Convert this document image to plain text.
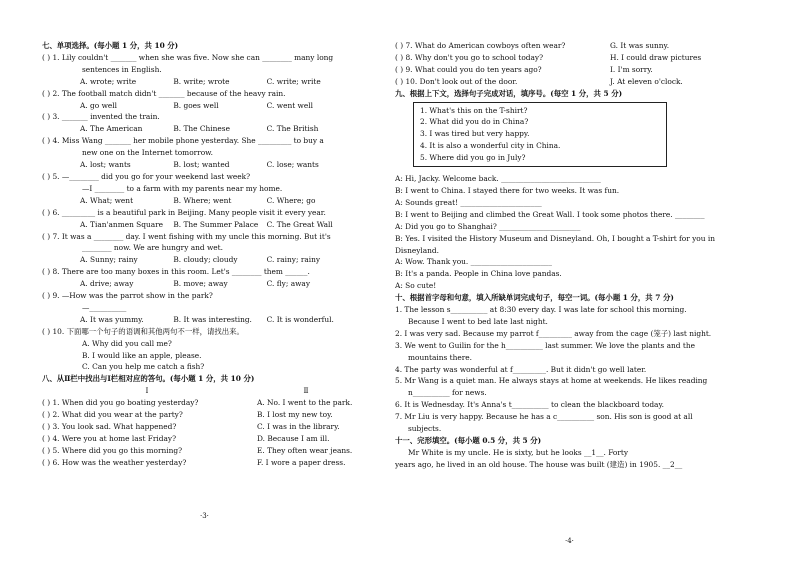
七、单项选择。(每小题 1 分，共 10 分)
( ) 1. Lily couldn't _______ when she was five. Now she can ________ many long
sentences in English.
A. wrote; write	B. write; wrote	C. write; write
( ) 2. The football match didn't _______ because of the heavy rain.
A. go well	B. goes well	C. went well
( ) 3. _______ invented the train.
A. The American	B. The Chinese	C. The British
( ) 4. Miss Wang _______ her mobile phone yesterday. She _________ to buy a
new one on the Internet tomorrow.
A. lost; wants	B. lost; wanted	C. lose; wants
( ) 5. —________ did you go for your weekend last week?
—I ________ to a farm with my parents near my home.
A. What; went	B. Where; went	C. Where; go
( ) 6. _________ is a beautiful park in Beijing. Many people visit it every year.
A. Tian'anmen Square	B. The Summer Palace	C. The Great Wall
( ) 7. It was a ________ day. I went fishing with my uncle this morning. But it's
________ now. We are hungry and wet.
A. Sunny; rainy	B. cloudy; cloudy	C. rainy; rainy
( ) 8. There are too many boxes in this room. Let's ________ them ______.
A. drive; away	B. move; away	C. fly; away
( ) 9. —How was the parrot show in the park?
—__________
A. It was yummy.	B. It was interesting.	C. It is wonderful.
( ) 10. 下面哪一个句子的语调和其他两句不一样，请找出来。
A. Why did you call me?
B. I would like an apple, please.
C. Can you help me catch a fish?
八、从Ⅱ栏中找出与Ⅰ栏相对应的答句。(每小题 1 分，共 10 分)
Ⅰ	Ⅱ
( ) 1. When did you go boating yesterday?	A. No. I went to the park.
( ) 2. What did you wear at the party?	B. I lost my new toy.
( ) 3. You look sad. What happened?	C. I was in the library.
( ) 4. Were you at home last Friday?	D. Because I am ill.
( ) 5. Where did you go this morning?	E. They often wear jeans.
( ) 6. How was the weather yesterday?	F. I wore a paper dress.
·3·
( ) 7. What do American cowboys often wear?	G. It was sunny.
( ) 8. Why don't you go to school today?	H. I could draw pictures
( ) 9. What could you do ten years ago?	I. I'm sorry.
( ) 10. Don't look out of the door.	J. At eleven o'clock.
九、根据上下文，选择句子完成对话，填序号。(每空 1 分，共 5 分)
1. What's this on the T-shirt?
2. What did you do in China?
3. I was tired but very happy.
4. It is also a wonderful city in China.
5. Where did you go in July?
A: Hi, Jacky. Welcome back. ___________________________
B: I went to China. I stayed there for two weeks. It was fun.
A: Sounds great! ______________________
B: I went to Beijing and climbed the Great Wall. I took some photos there. ________
A: Did you go to Shanghai? ______________________
B: Yes. I visited the History Museum and Disneyland. Oh, I bought a T-shirt for you in
Disneyland.
A: Wow. Thank you. ______________________
B: It's a panda. People in China love pandas.
A: So cute!
十、根据首字母和句意，填入所缺单词完成句子，每空一词。(每小题 1 分，共 7 分)
1. The lesson s__________ at 8:30 every day. I was late for school this morning.
Because I went to bed late last night.
2. I was very sad. Because my parrot f_________ away from the cage (笼子) last night.
3. We went to Guilin for the h__________ last summer. We love the plants and the
mountains there.
4. The party was wonderful at f_________. But it didn't go well later.
5. Mr Wang is a quiet man. He always stays at home at weekends. He likes reading
n__________ for news.
6. It is Wednesday. It's Anna's t__________ to clean the blackboard today.
7. Mr Liu is very happy. Because he has a c__________ son. His son is good at all
subjects.
十一、完形填空。(每小题 0.5 分，共 5 分)
Mr White is my uncle. He is sixty, but he looks __1__. Forty
years ago, he lived in an old house. The house was built (建造) in 1905. __2__
·4·
